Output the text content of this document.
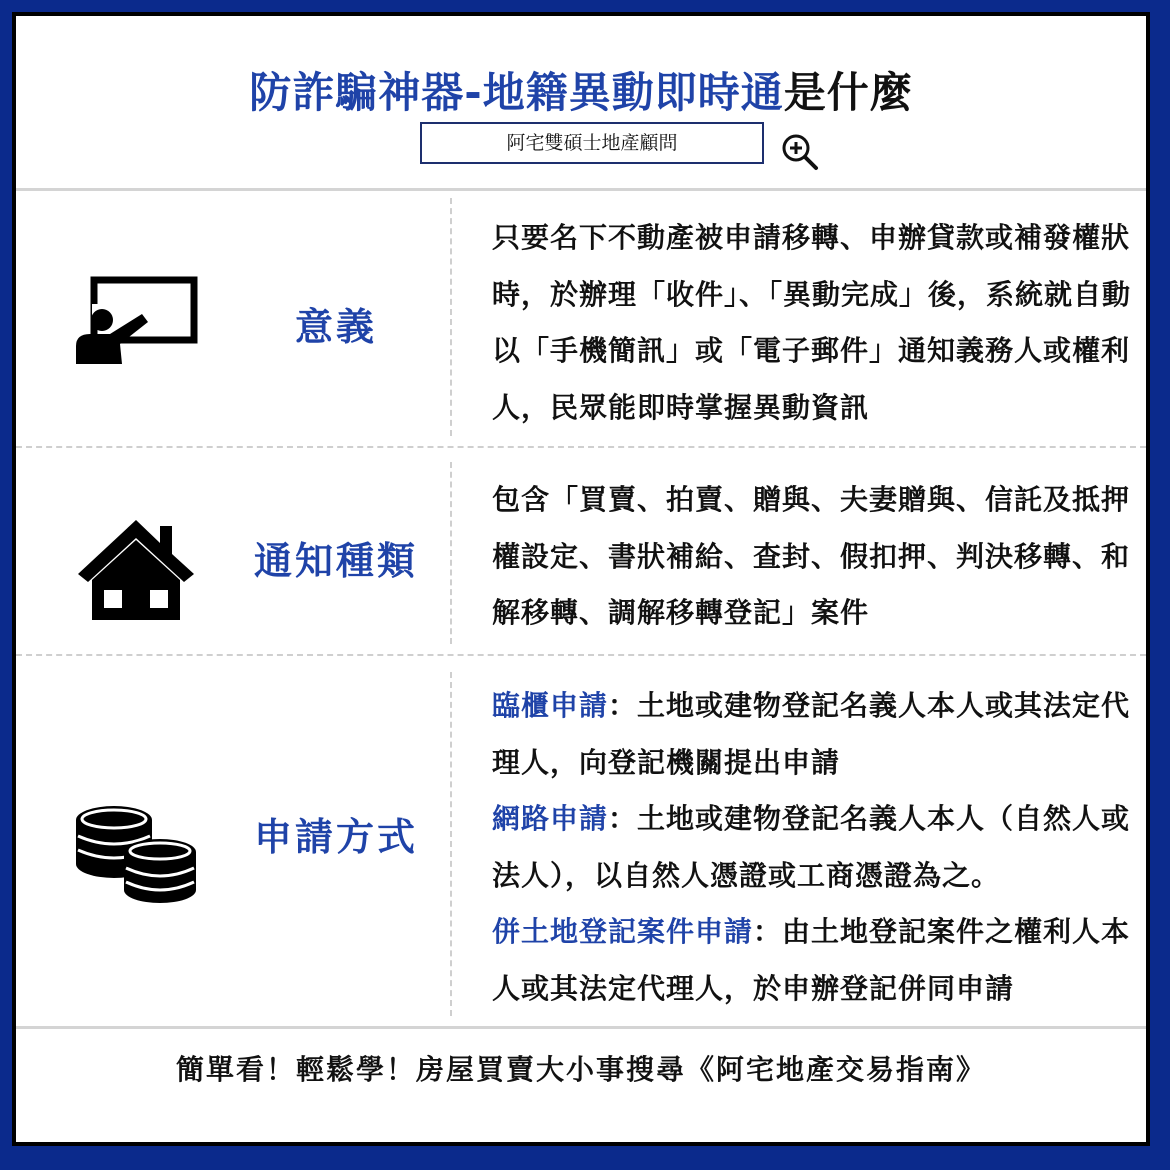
防詐騙神器-地籍異動即時通是什麼
阿宅雙碩士地產顧問
意義
只要名下不動產被申請移轉、申辦貸款或補發權狀時，於辦理「收件」、「異動完成」後，系統就自動以「手機簡訊」或「電子郵件」通知義務人或權利人，民眾能即時掌握異動資訊
通知種類
包含「買賣、拍賣、贈與、夫妻贈與、信託及抵押權設定、書狀補給、查封、假扣押、判決移轉、和解移轉、調解移轉登記」案件
申請方式

臨櫃申請：土地或建物登記名義人本人或其法定代理人，向登記機關提出申請

網路申請：土地或建物登記名義人本人（自然人或法人），以自然人憑證或工商憑證為之。

併土地登記案件申請：由土地登記案件之權利人本人或其法定代理人，於申辦登記併同申請

簡單看！輕鬆學！房屋買賣大小事搜尋《阿宅地產交易指南》
